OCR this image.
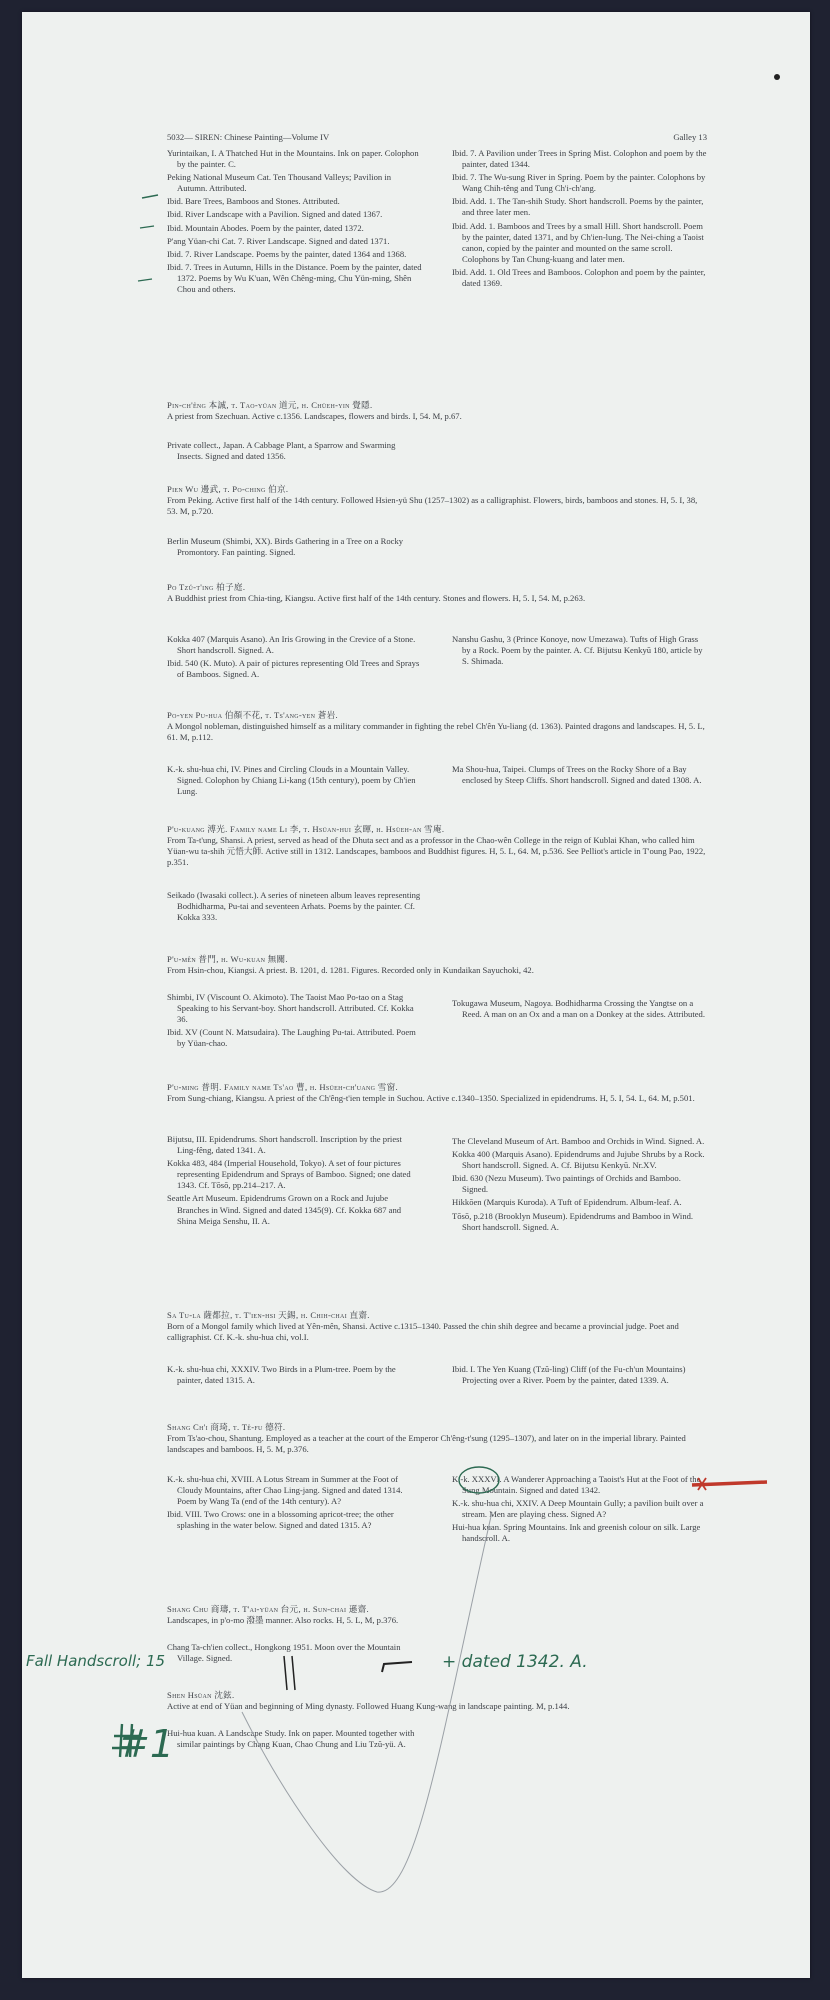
5032— SIREN: Chinese Painting—Volume IV	Galley 13

Yurintaikan, I. A Thatched Hut in the Mountains. Ink on paper. Colophon by the painter. C.

Peking National Museum Cat. Ten Thousand Valleys; Pavilion in Autumn. Attributed.

Ibid. Bare Trees, Bamboos and Stones. Attributed.

Ibid. River Landscape with a Pavilion. Signed and dated 1367.

Ibid. Mountain Abodes. Poem by the painter, dated 1372.

P'ang Yüan-chi Cat. 7. River Landscape. Signed and dated 1371.

Ibid. 7. River Landscape. Poems by the painter, dated 1364 and 1368.

Ibid. 7. Trees in Autumn, Hills in the Distance. Poem by the painter, dated 1372. Poems by Wu K'uan, Wên Chêng-ming, Chu Yün-ming, Shên Chou and others.

Ibid. 7. A Pavilion under Trees in Spring Mist. Colophon and poem by the painter, dated 1344.

Ibid. 7. The Wu-sung River in Spring. Poem by the painter. Colophons by Wang Chih-têng and Tung Ch'i-ch'ang.

Ibid. Add. 1. The Tan-shih Study. Short handscroll. Poems by the painter, and three later men.

Ibid. Add. 1. Bamboos and Trees by a small Hill. Short handscroll. Poem by the painter, dated 1371, and by Ch'ien-lung. The Nei-ching a Taoist canon, copied by the painter and mounted on the same scroll. Colophons by Tan Chung-kuang and later men.

Ibid. Add. 1. Old Trees and Bamboos. Colophon and poem by the painter, dated 1369.

Pin-ch'êng 本誠, t. Tao-yüan 道元, h. Chüeh-yin 覺隱.
A priest from Szechuan. Active c.1356. Landscapes, flowers and birds. I, 54. M, p.67.

Private collect., Japan. A Cabbage Plant, a Sparrow and Swarming Insects. Signed and dated 1356.

Pien Wu 邊武, t. Po-ching 伯京.
From Peking. Active first half of the 14th century. Followed Hsien-yü Shu (1257–1302) as a calligraphist. Flowers, birds, bamboos and stones. H, 5. I, 38, 53. M, p.720.

Berlin Museum (Shimbi, XX). Birds Gathering in a Tree on a Rocky Promontory. Fan painting. Signed.

Po Tzŭ-t'ing 柏子庭.
A Buddhist priest from Chia-ting, Kiangsu. Active first half of the 14th century. Stones and flowers. H, 5. I, 54. M, p.263.

Kokka 407 (Marquis Asano). An Iris Growing in the Crevice of a Stone. Short handscroll. Signed. A.

Ibid. 540 (K. Muto). A pair of pictures representing Old Trees and Sprays of Bamboos. Signed. A.

Nanshu Gashu, 3 (Prince Konoye, now Umezawa). Tufts of High Grass by a Rock. Poem by the painter. A. Cf. Bijutsu Kenkyū 180, article by S. Shimada.

Po-yen Pu-hua 伯顏不花, t. Ts'ang-yen 蒼岩.
A Mongol nobleman, distinguished himself as a military commander in fighting the rebel Ch'ên Yu-liang (d. 1363). Painted dragons and landscapes. H, 5. L, 61. M, p.112.

K.-k. shu-hua chi, IV. Pines and Circling Clouds in a Mountain Valley. Signed. Colophon by Chiang Li-kang (15th century), poem by Ch'ien Lung.

Ma Shou-hua, Taipei. Clumps of Trees on the Rocky Shore of a Bay enclosed by Steep Cliffs. Short handscroll. Signed and dated 1308. A.

P'u-kuang 溥光. Family name Li 李, t. Hsüan-hui 玄暉, h. Hsüeh-an 雪庵.
From Ta-t'ung, Shansi. A priest, served as head of the Dhuta sect and as a professor in the Chao-wên College in the reign of Kublai Khan, who called him Yüan-wu ta-shih 元悟大師. Active still in 1312. Landscapes, bamboos and Buddhist figures. H, 5. L, 64. M, p.536. See Pelliot's article in T'oung Pao, 1922, p.351.

Seikado (Iwasaki collect.). A series of nineteen album leaves representing Bodhidharma, Pu-tai and seventeen Arhats. Poems by the painter. Cf. Kokka 333.

P'u-mên 普門, h. Wu-kuan 無關.
From Hsin-chou, Kiangsi. A priest. B. 1201, d. 1281. Figures. Recorded only in Kundaikan Sayuchoki, 42.

Shimbi, IV (Viscount O. Akimoto). The Taoist Mao Po-tao on a Stag Speaking to his Servant-boy. Short handscroll. Attributed. Cf. Kokka 36.

Ibid. XV (Count N. Matsudaira). The Laughing Pu-tai. Attributed. Poem by Yüan-chao.

Tokugawa Museum, Nagoya. Bodhidharma Crossing the Yangtse on a Reed. A man on an Ox and a man on a Donkey at the sides. Attributed.

P'u-ming 普明. Family name Ts'ao 曹, h. Hsüeh-ch'uang 雪窗.
From Sung-chiang, Kiangsu. A priest of the Ch'êng-t'ien temple in Suchou. Active c.1340–1350. Specialized in epidendrums. H, 5. I, 54. L, 64. M, p.501.

Bijutsu, III. Epidendrums. Short handscroll. Inscription by the priest Ling-fêng, dated 1341. A.

Kokka 483, 484 (Imperial Household, Tokyo). A set of four pictures representing Epidendrum and Sprays of Bamboo. Signed; one dated 1343. Cf. Tōsō, pp.214–217. A.

Seattle Art Museum. Epidendrums Grown on a Rock and Jujube Branches in Wind. Signed and dated 1345(9). Cf. Kokka 687 and Shina Meiga Senshu, II. A.

The Cleveland Museum of Art. Bamboo and Orchids in Wind. Signed. A.

Kokka 400 (Marquis Asano). Epidendrums and Jujube Shrubs by a Rock. Short handscroll. Signed. A. Cf. Bijutsu Kenkyū. Nr.XV.

Ibid. 630 (Nezu Museum). Two paintings of Orchids and Bamboo. Signed.

Hikkōen (Marquis Kuroda). A Tuft of Epidendrum. Album-leaf. A.

Tōsō, p.218 (Brooklyn Museum). Epidendrums and Bamboo in Wind. Short handscroll. Signed. A.

Sa Tu-la 薩都拉, t. T'ien-hsi 天錫, h. Chih-chai 直齋.
Born of a Mongol family which lived at Yên-mên, Shansi. Active c.1315–1340. Passed the chin shih degree and became a provincial judge. Poet and calligraphist. Cf. K.-k. shu-hua chi, vol.I.

K.-k. shu-hua chi, XXXIV. Two Birds in a Plum-tree. Poem by the painter, dated 1315. A.

Ibid. I. The Yen Kuang (Tzŭ-ling) Cliff (of the Fu-ch'un Mountains) Projecting over a River. Poem by the painter, dated 1339. A.

Shang Ch'i 商琦, t. Tê-fu 德符.
From Ts'ao-chou, Shantung. Employed as a teacher at the court of the Emperor Ch'êng-t'sung (1295–1307), and later on in the imperial library. Painted landscapes and bamboos. H, 5. M, p.376.

K.-k. shu-hua chi, XVIII. A Lotus Stream in Summer at the Foot of Cloudy Mountains, after Chao Ling-jang. Signed and dated 1314. Poem by Wang Ta (end of the 14th century). A?

Ibid. VIII. Two Crows: one in a blossoming apricot-tree; the other splashing in the water below. Signed and dated 1315. A?

K.-k. XXXVI. A Wanderer Approaching a Taoist's Hut at the Foot of the Sung Mountain. Signed and dated 1342.

K.-k. shu-hua chi, XXIV. A Deep Mountain Gully; a pavilion built over a stream. Men are playing chess. Signed A?

Hui-hua kuan. Spring Mountains. Ink and greenish colour on silk. Large handscroll. A.

Shang Chu 商璹, t. T'ai-yüan 台元, h. Sun-chai 遜齋.
Landscapes, in p'o-mo 潑墨 manner. Also rocks. H, 5. L, M, p.376.

Chang Ta-ch'ien collect., Hongkong 1951. Moon over the Mountain Village. Signed.

Shen Hsüan 沈鉉.
Active at end of Yüan and beginning of Ming dynasty. Followed Huang Kung-wang in landscape painting. M, p.144.

Hui-hua kuan. A Landscape Study. Ink on paper. Mounted together with similar paintings by Chang Kuan, Chao Chung and Liu Tzŭ-yü. A.

Fall Handscroll; 15	+ dated 1342. A.
#1
